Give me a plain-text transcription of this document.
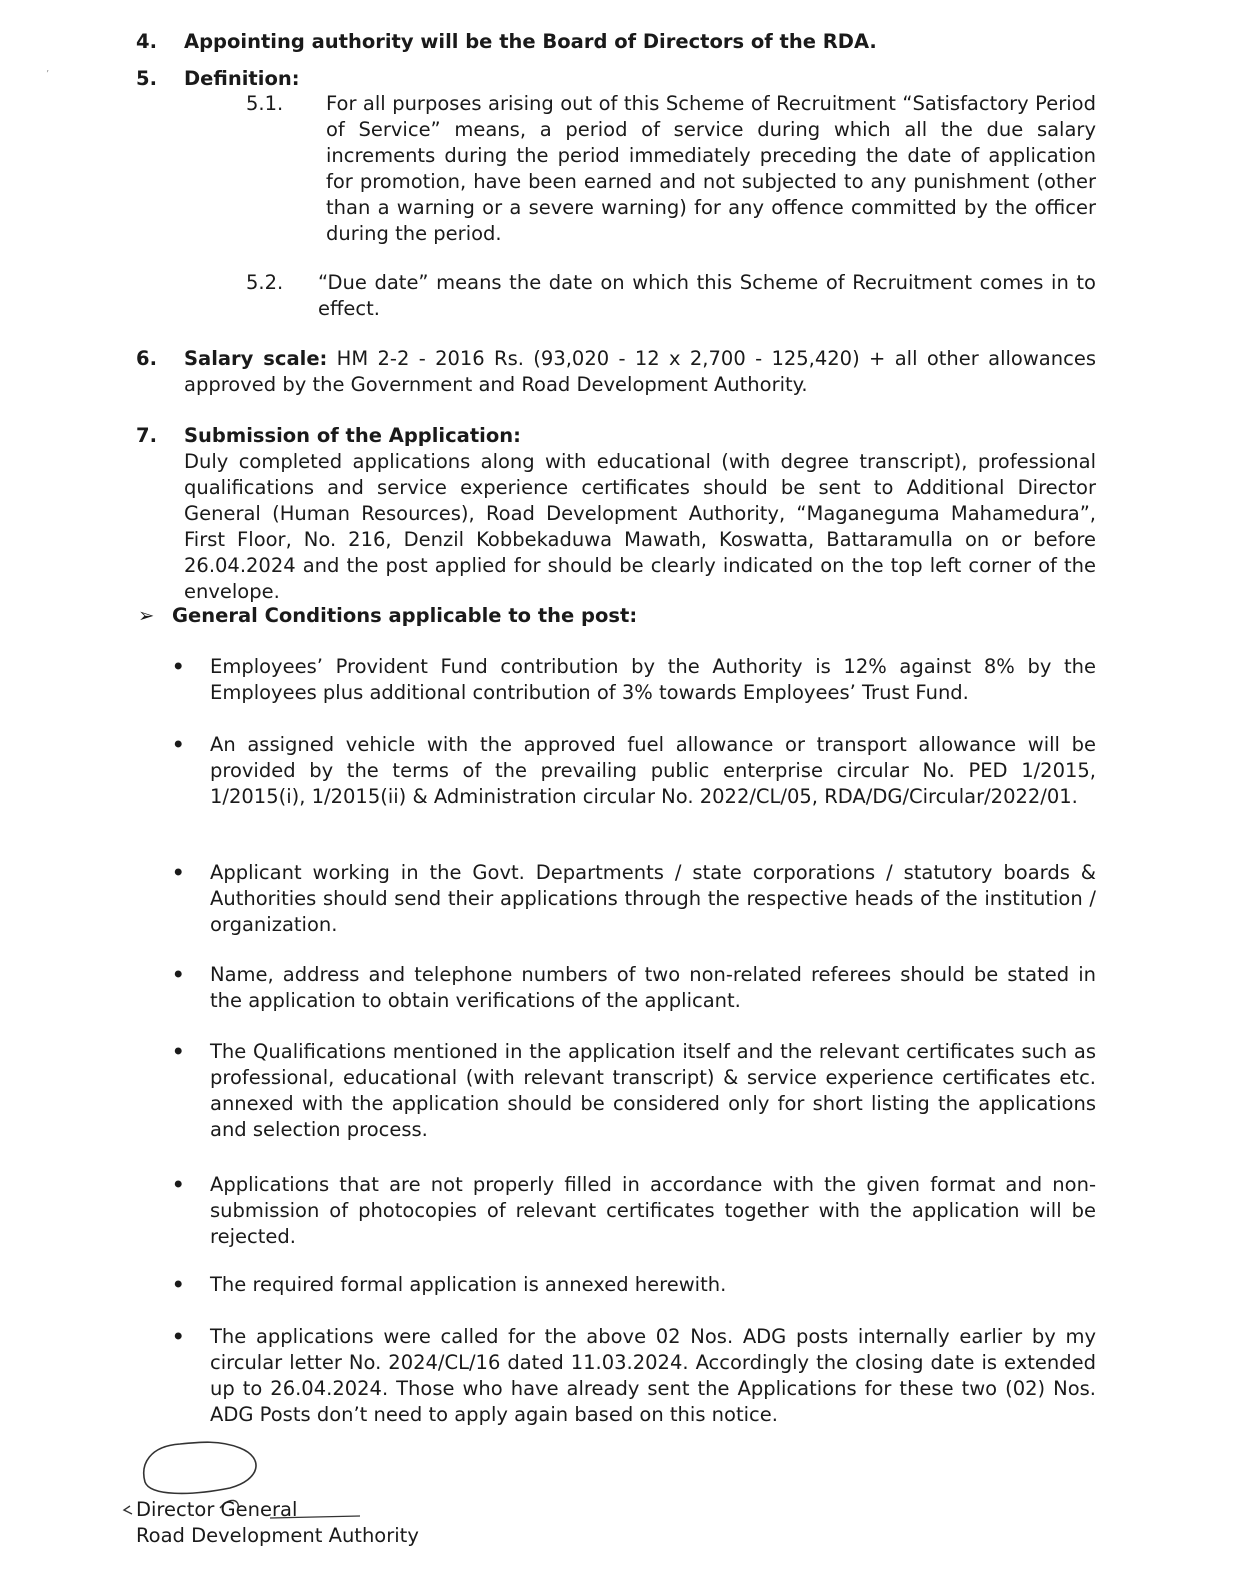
’
4. Appointing authority will be the Board of Directors of the RDA.
5. Definition:
5.1. For all purposes arising out of this Scheme of Recruitment “Satisfactory Period of Service” means, a period of service during which all the due salary increments during the period immediately preceding the date of application for promotion, have been earned and not subjected to any punishment (other than a warning or a severe warning) for any offence committed by the officer during the period.
5.2. “Due date” means the date on which this Scheme of Recruitment comes in to effect.
6. Salary scale: HM 2-2 - 2016 Rs. (93,020 - 12 x 2,700 - 125,420) + all other allowances approved by the Government and Road Development Authority.
7. Submission of the Application:
Duly completed applications along with educational (with degree transcript), professional qualifications and service experience certificates should be sent to Additional Director General (Human Resources), Road Development Authority, “Maganeguma Mahamedura”, First Floor, No. 216, Denzil Kobbekaduwa Mawath, Koswatta, Battaramulla on or before 26.04.2024 and the post applied for should be clearly indicated on the top left corner of the envelope.
➢ General Conditions applicable to the post:
• Employees’ Provident Fund contribution by the Authority is 12% against 8% by the Employees plus additional contribution of 3% towards Employees’ Trust Fund.
• An assigned vehicle with the approved fuel allowance or transport allowance will be provided by the terms of the prevailing public enterprise circular No. PED 1/2015, 1/2015(i), 1/2015(ii) & Administration circular No. 2022/CL/05, RDA/DG/Circular/2022/01.
• Applicant working in the Govt. Departments / state corporations / statutory boards & Authorities should send their applications through the respective heads of the institution / organization.
• Name, address and telephone numbers of two non-related referees should be stated in the application to obtain verifications of the applicant.
• The Qualifications mentioned in the application itself and the relevant certificates such as professional, educational (with relevant transcript) & service experience certificates etc. annexed with the application should be considered only for short listing the applications and selection process.
• Applications that are not properly filled in accordance with the given format and non-submission of photocopies of relevant certificates together with the application will be rejected.
• The required formal application is annexed herewith.
• The applications were called for the above 02 Nos. ADG posts internally earlier by my circular letter No. 2024/CL/16 dated 11.03.2024. Accordingly the closing date is extended up to 26.04.2024. Those who have already sent the Applications for these two (02) Nos. ADG Posts don’t need to apply again based on this notice.
Director General
Road Development Authority
